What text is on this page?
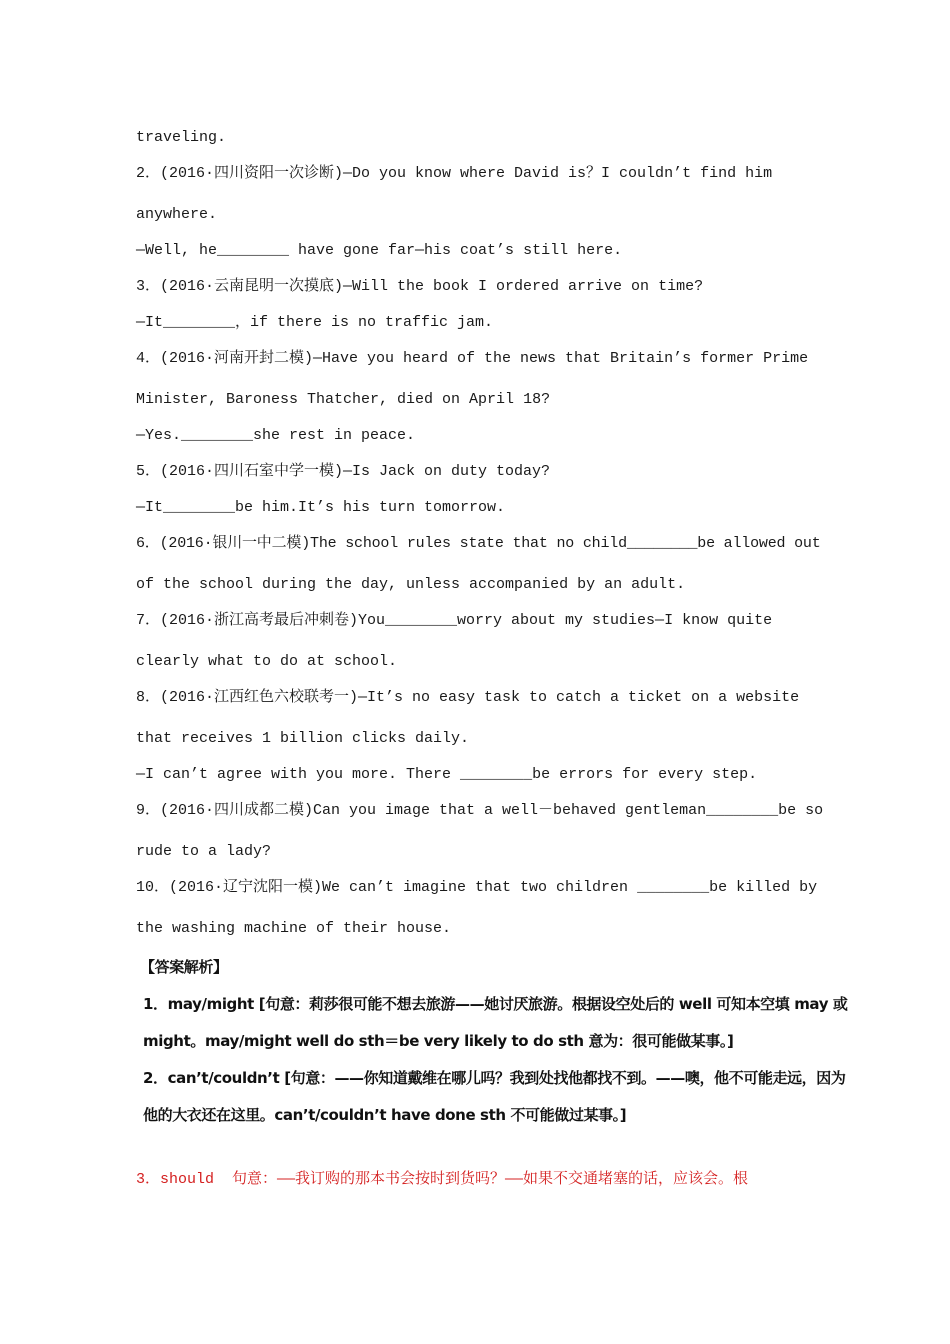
traveling.
2．(2016·四川资阳一次诊断)—Do you know where David is？I couldn’t find him
anywhere.
—Well, he________ have gone far—his coat’s still here.
3．(2016·云南昆明一次摸底)—Will the book I ordered arrive on time?
—It________，if there is no traffic jam.
4．(2016·河南开封二模)—Have you heard of the news that Britain’s former Prime
Minister, Baroness Thatcher, died on April 18?
—Yes.________she rest in peace.
5．(2016·四川石室中学一模)—Is Jack on duty today?
—It________be him.It’s his turn tomorrow.
6．(2016·银川一中二模)The school rules state that no child________be allowed out
of the school during the day, unless accompanied by an adult.
7．(2016·浙江高考最后冲刺卷)You________worry about my studies—I know quite
clearly what to do at school.
8．(2016·江西红色六校联考一)—It’s no easy task to catch a ticket on a website
that receives 1 billion clicks daily.
—I can’t agree with you more. There ________be errors for every step.
9．(2016·四川成都二模)Can you image that a well－behaved gentleman________be so
rude to a lady?
10．(2016·辽宁沈阳一模)We can’t imagine that two children ________be killed by
the washing machine of their house.
【答案解析】
1．may/might [句意：莉莎很可能不想去旅游——她讨厌旅游。根据设空处后的 well 可知本空填 may 或
might。may/might well do sth＝be very likely to do sth 意为：很可能做某事。]
2．can’t/couldn’t [句意：——你知道戴维在哪儿吗？我到处找他都找不到。——噢，他不可能走远，因为
他的大衣还在这里。can’t/couldn’t have done sth 不可能做过某事。]
3．should  句意：——我订购的那本书会按时到货吗？——如果不交通堵塞的话，应该会。根
